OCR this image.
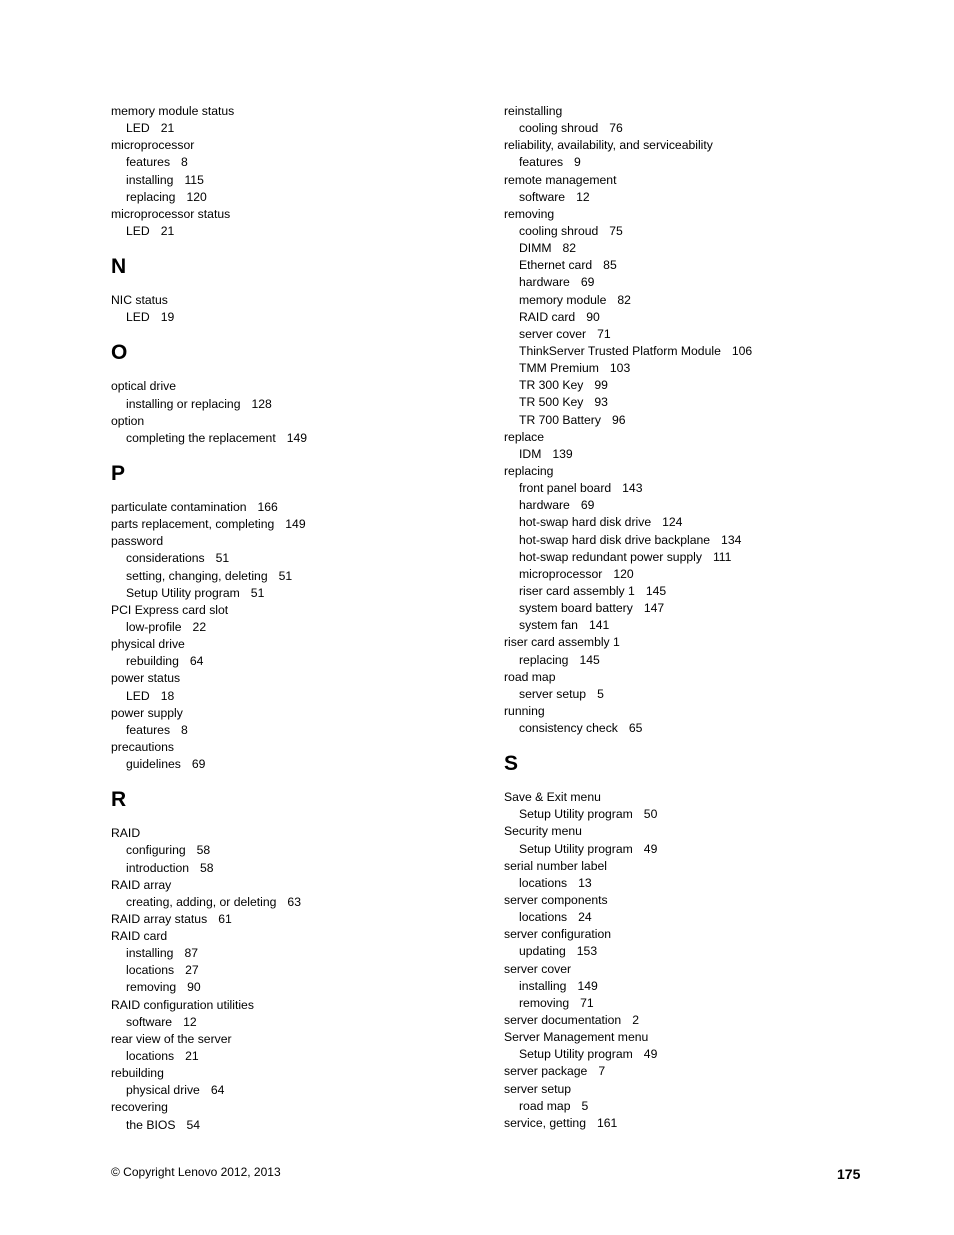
memory module status
LED 21
microprocessor
features 8
installing 115
replacing 120
microprocessor status
LED 21
N
NIC status
LED 19
O
optical drive
installing or replacing 128
option
completing the replacement 149
P
particulate contamination 166
parts replacement, completing 149
password
considerations 51
setting, changing, deleting 51
Setup Utility program 51
PCI Express card slot
low-profile 22
physical drive
rebuilding 64
power status
LED 18
power supply
features 8
precautions
guidelines 69
R
RAID
configuring 58
introduction 58
RAID array
creating, adding, or deleting 63
RAID array status 61
RAID card
installing 87
locations 27
removing 90
RAID configuration utilities
software 12
rear view of the server
locations 21
rebuilding
physical drive 64
recovering
the BIOS 54
reinstalling
cooling shroud 76
reliability, availability, and serviceability
features 9
remote management
software 12
removing
cooling shroud 75
DIMM 82
Ethernet card 85
hardware 69
memory module 82
RAID card 90
server cover 71
ThinkServer Trusted Platform Module 106
TMM Premium 103
TR 300 Key 99
TR 500 Key 93
TR 700 Battery 96
replace
IDM 139
replacing
front panel board 143
hardware 69
hot-swap hard disk drive 124
hot-swap hard disk drive backplane 134
hot-swap redundant power supply 111
microprocessor 120
riser card assembly 1 145
system board battery 147
system fan 141
riser card assembly 1
replacing 145
road map
server setup 5
running
consistency check 65
S
Save & Exit menu
Setup Utility program 50
Security menu
Setup Utility program 49
serial number label
locations 13
server components
locations 24
server configuration
updating 153
server cover
installing 149
removing 71
server documentation 2
Server Management menu
Setup Utility program 49
server package 7
server setup
road map 5
service, getting 161
© Copyright Lenovo 2012, 2013	175
